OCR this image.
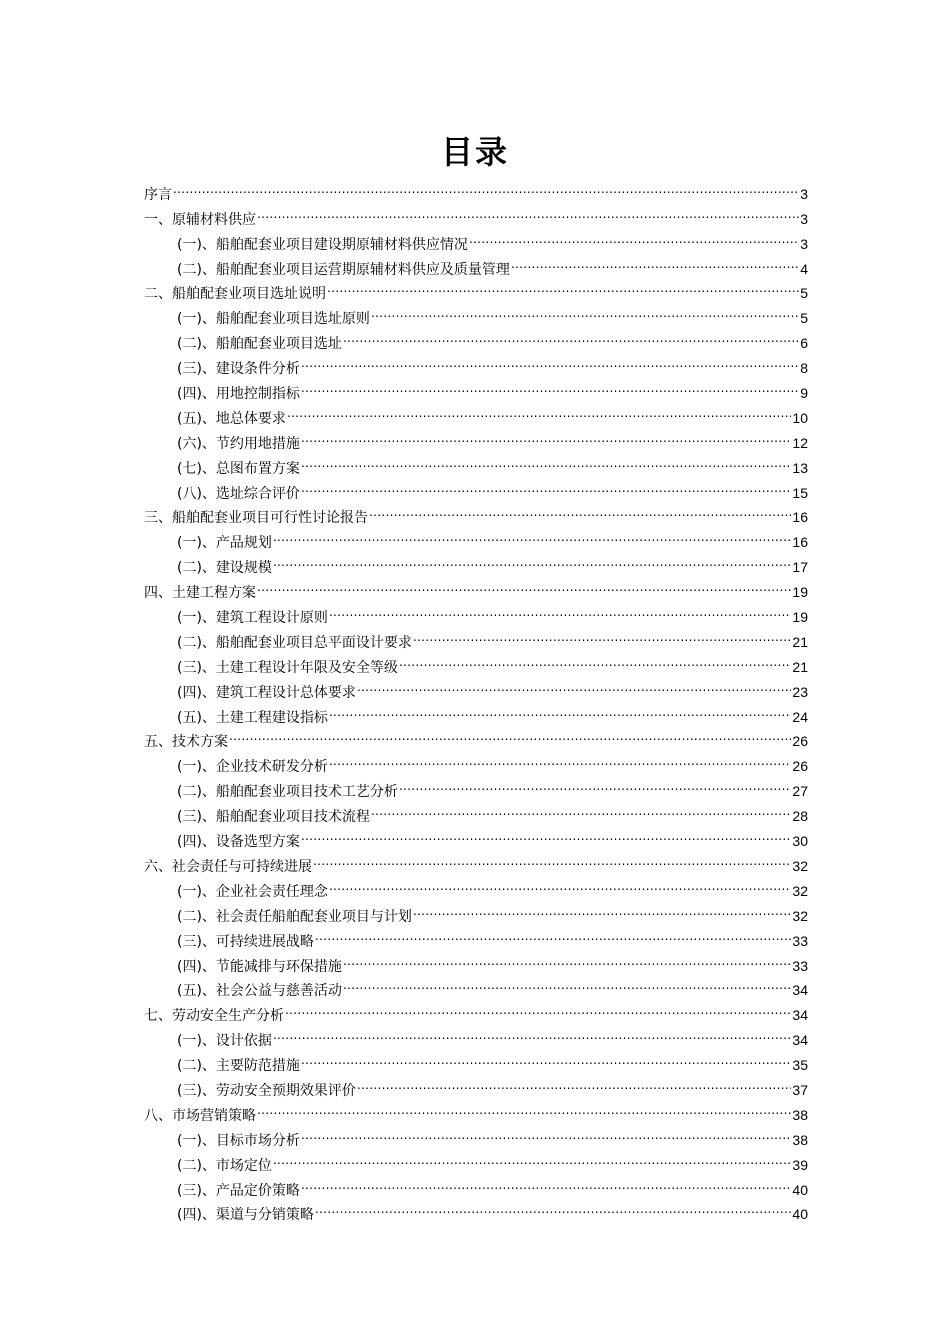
目录
序言 .....	3
一、原辅材料供应 .....	3
(一)、船舶配套业项目建设期原辅材料供应情况 .....	3
(二)、船舶配套业项目运营期原辅材料供应及质量管理 .....	4
二、船舶配套业项目选址说明 .....	5
(一)、船舶配套业项目选址原则 .....	5
(二)、船舶配套业项目选址 .....	6
(三)、建设条件分析 .....	8
(四)、用地控制指标 .....	9
(五)、地总体要求 .....	10
(六)、节约用地措施 .....	12
(七)、总图布置方案 .....	13
(八)、选址综合评价 .....	15
三、船舶配套业项目可行性讨论报告 .....	16
(一)、产品规划 .....	16
(二)、建设规模 .....	17
四、土建工程方案 .....	19
(一)、建筑工程设计原则 .....	19
(二)、船舶配套业项目总平面设计要求 .....	21
(三)、土建工程设计年限及安全等级 .....	21
(四)、建筑工程设计总体要求 .....	23
(五)、土建工程建设指标 .....	24
五、技术方案 .....	26
(一)、企业技术研发分析 .....	26
(二)、船舶配套业项目技术工艺分析 .....	27
(三)、船舶配套业项目技术流程 .....	28
(四)、设备选型方案 .....	30
六、社会责任与可持续进展 .....	32
(一)、企业社会责任理念 .....	32
(二)、社会责任船舶配套业项目与计划 .....	32
(三)、可持续进展战略 .....	33
(四)、节能减排与环保措施 .....	33
(五)、社会公益与慈善活动 .....	34
七、劳动安全生产分析 .....	34
(一)、设计依据 .....	34
(二)、主要防范措施 .....	35
(三)、劳动安全预期效果评价 .....	37
八、市场营销策略 .....	38
(一)、目标市场分析 .....	38
(二)、市场定位 .....	39
(三)、产品定价策略 .....	40
(四)、渠道与分销策略 .....	40
